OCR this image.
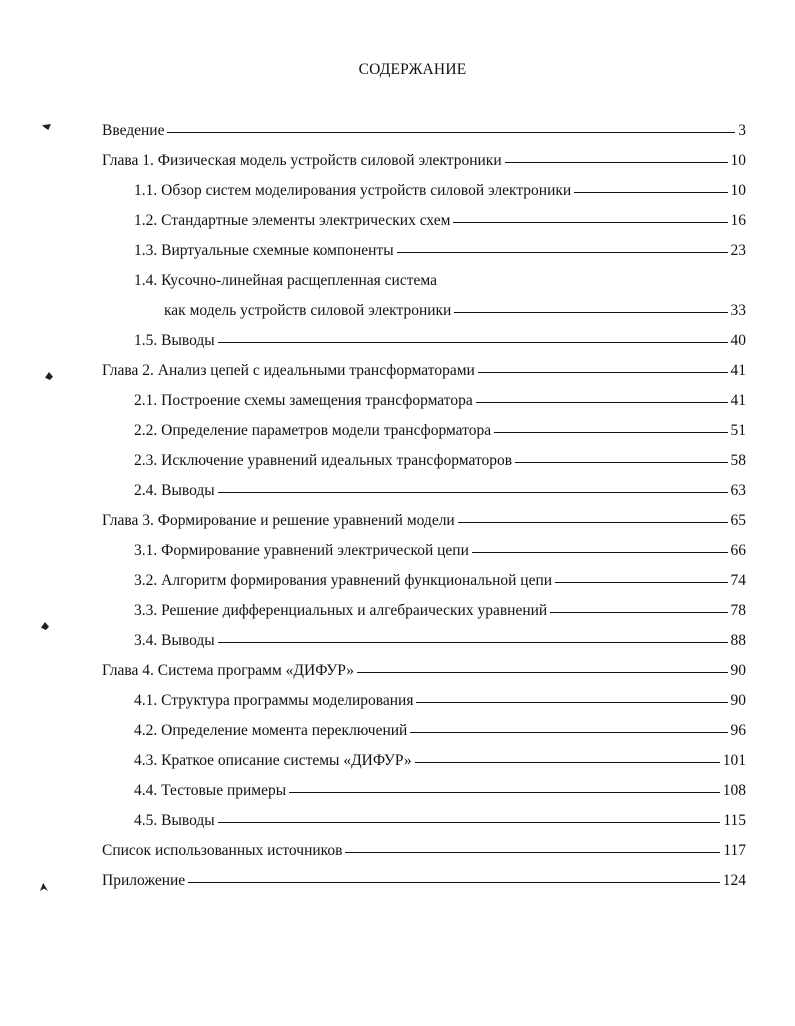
СОДЕРЖАНИЕ
Введение	3
Глава 1. Физическая модель устройств силовой электроники	10
1.1. Обзор систем моделирования устройств силовой электроники	10
1.2. Стандартные элементы электрических схем	16
1.3. Виртуальные схемные компоненты	23
1.4. Кусочно-линейная расщепленная система
как модель устройств силовой электроники	33
1.5. Выводы	40
Глава 2. Анализ цепей с идеальными трансформаторами	41
2.1. Построение схемы замещения трансформатора	41
2.2. Определение параметров модели трансформатора	51
2.3. Исключение уравнений идеальных трансформаторов	58
2.4. Выводы	63
Глава 3. Формирование и решение уравнений модели	65
3.1. Формирование уравнений электрической цепи	66
3.2. Алгоритм формирования уравнений функциональной цепи	74
3.3. Решение дифференциальных и алгебраических уравнений	78
3.4. Выводы	88
Глава 4. Система программ «ДИФУР»	90
4.1. Структура программы моделирования	90
4.2. Определение момента переключений	96
4.3. Краткое описание системы «ДИФУР»	101
4.4. Тестовые примеры	108
4.5. Выводы	115
Список использованных источников	117
Приложение	124
